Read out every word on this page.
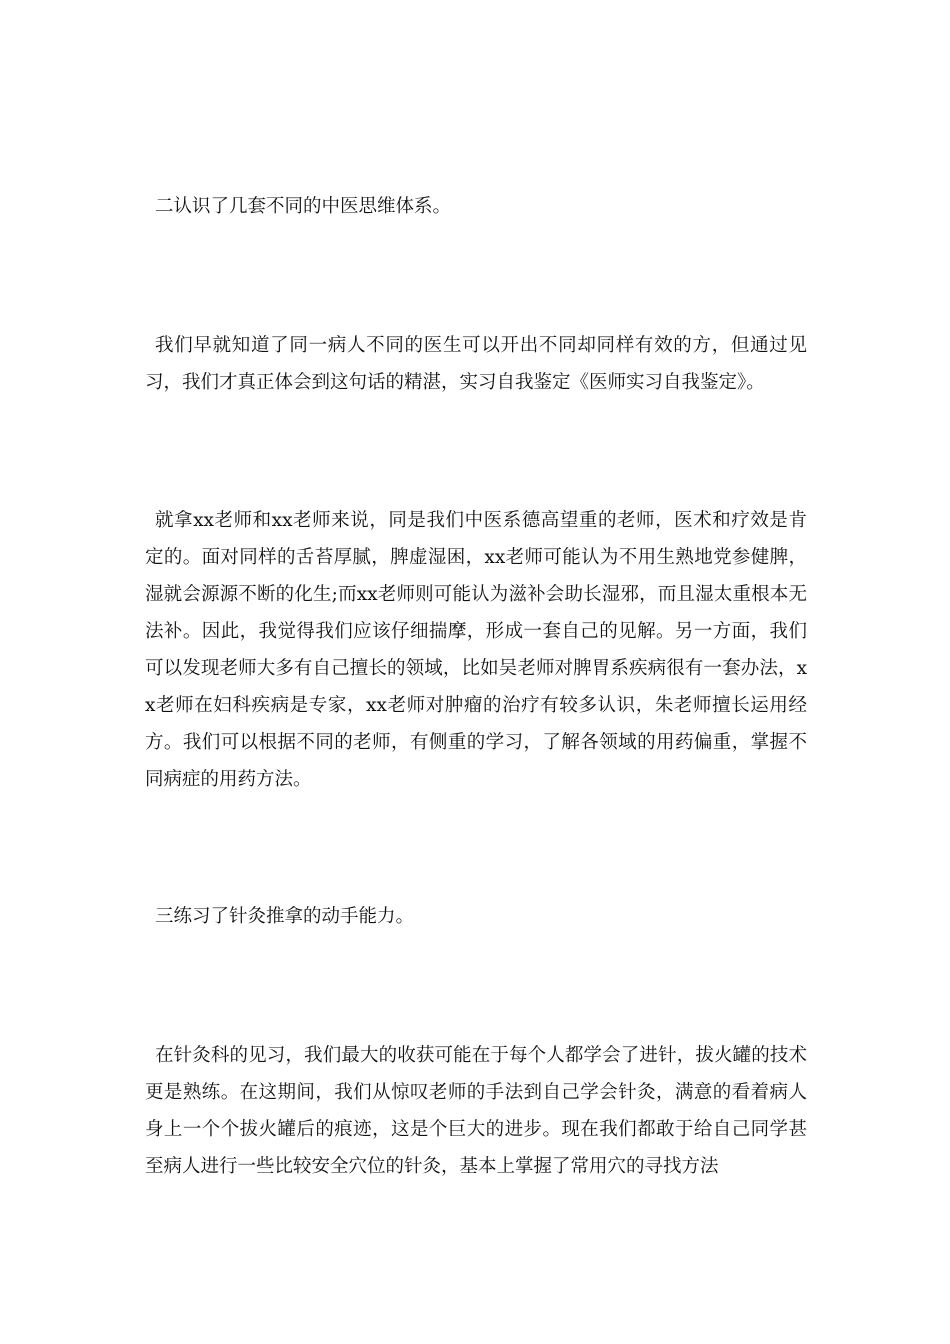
二认识了几套不同的中医思维体系。

我们早就知道了同一病人不同的医生可以开出不同却同样有效的方，但通过见习，我们才真正体会到这句话的精湛，实习自我鉴定《医师实习自我鉴定》。

就拿xx老师和xx老师来说，同是我们中医系德高望重的老师，医术和疗效是肯定的。面对同样的舌苔厚腻，脾虚湿困，xx老师可能认为不用生熟地党参健脾，湿就会源源不断的化生;而xx老师则可能认为滋补会助长湿邪，而且湿太重根本无法补。因此，我觉得我们应该仔细揣摩，形成一套自己的见解。另一方面，我们可以发现老师大多有自己擅长的领域，比如吴老师对脾胃系疾病很有一套办法，xx老师在妇科疾病是专家，xx老师对肿瘤的治疗有较多认识，朱老师擅长运用经方。我们可以根据不同的老师，有侧重的学习，了解各领域的用药偏重，掌握不同病症的用药方法。

三练习了针灸推拿的动手能力。

在针灸科的见习，我们最大的收获可能在于每个人都学会了进针，拔火罐的技术更是熟练。在这期间，我们从惊叹老师的手法到自己学会针灸，满意的看着病人身上一个个拔火罐后的痕迹，这是个巨大的进步。现在我们都敢于给自己同学甚至病人进行一些比较安全穴位的针灸，基本上掌握了常用穴的寻找方法
